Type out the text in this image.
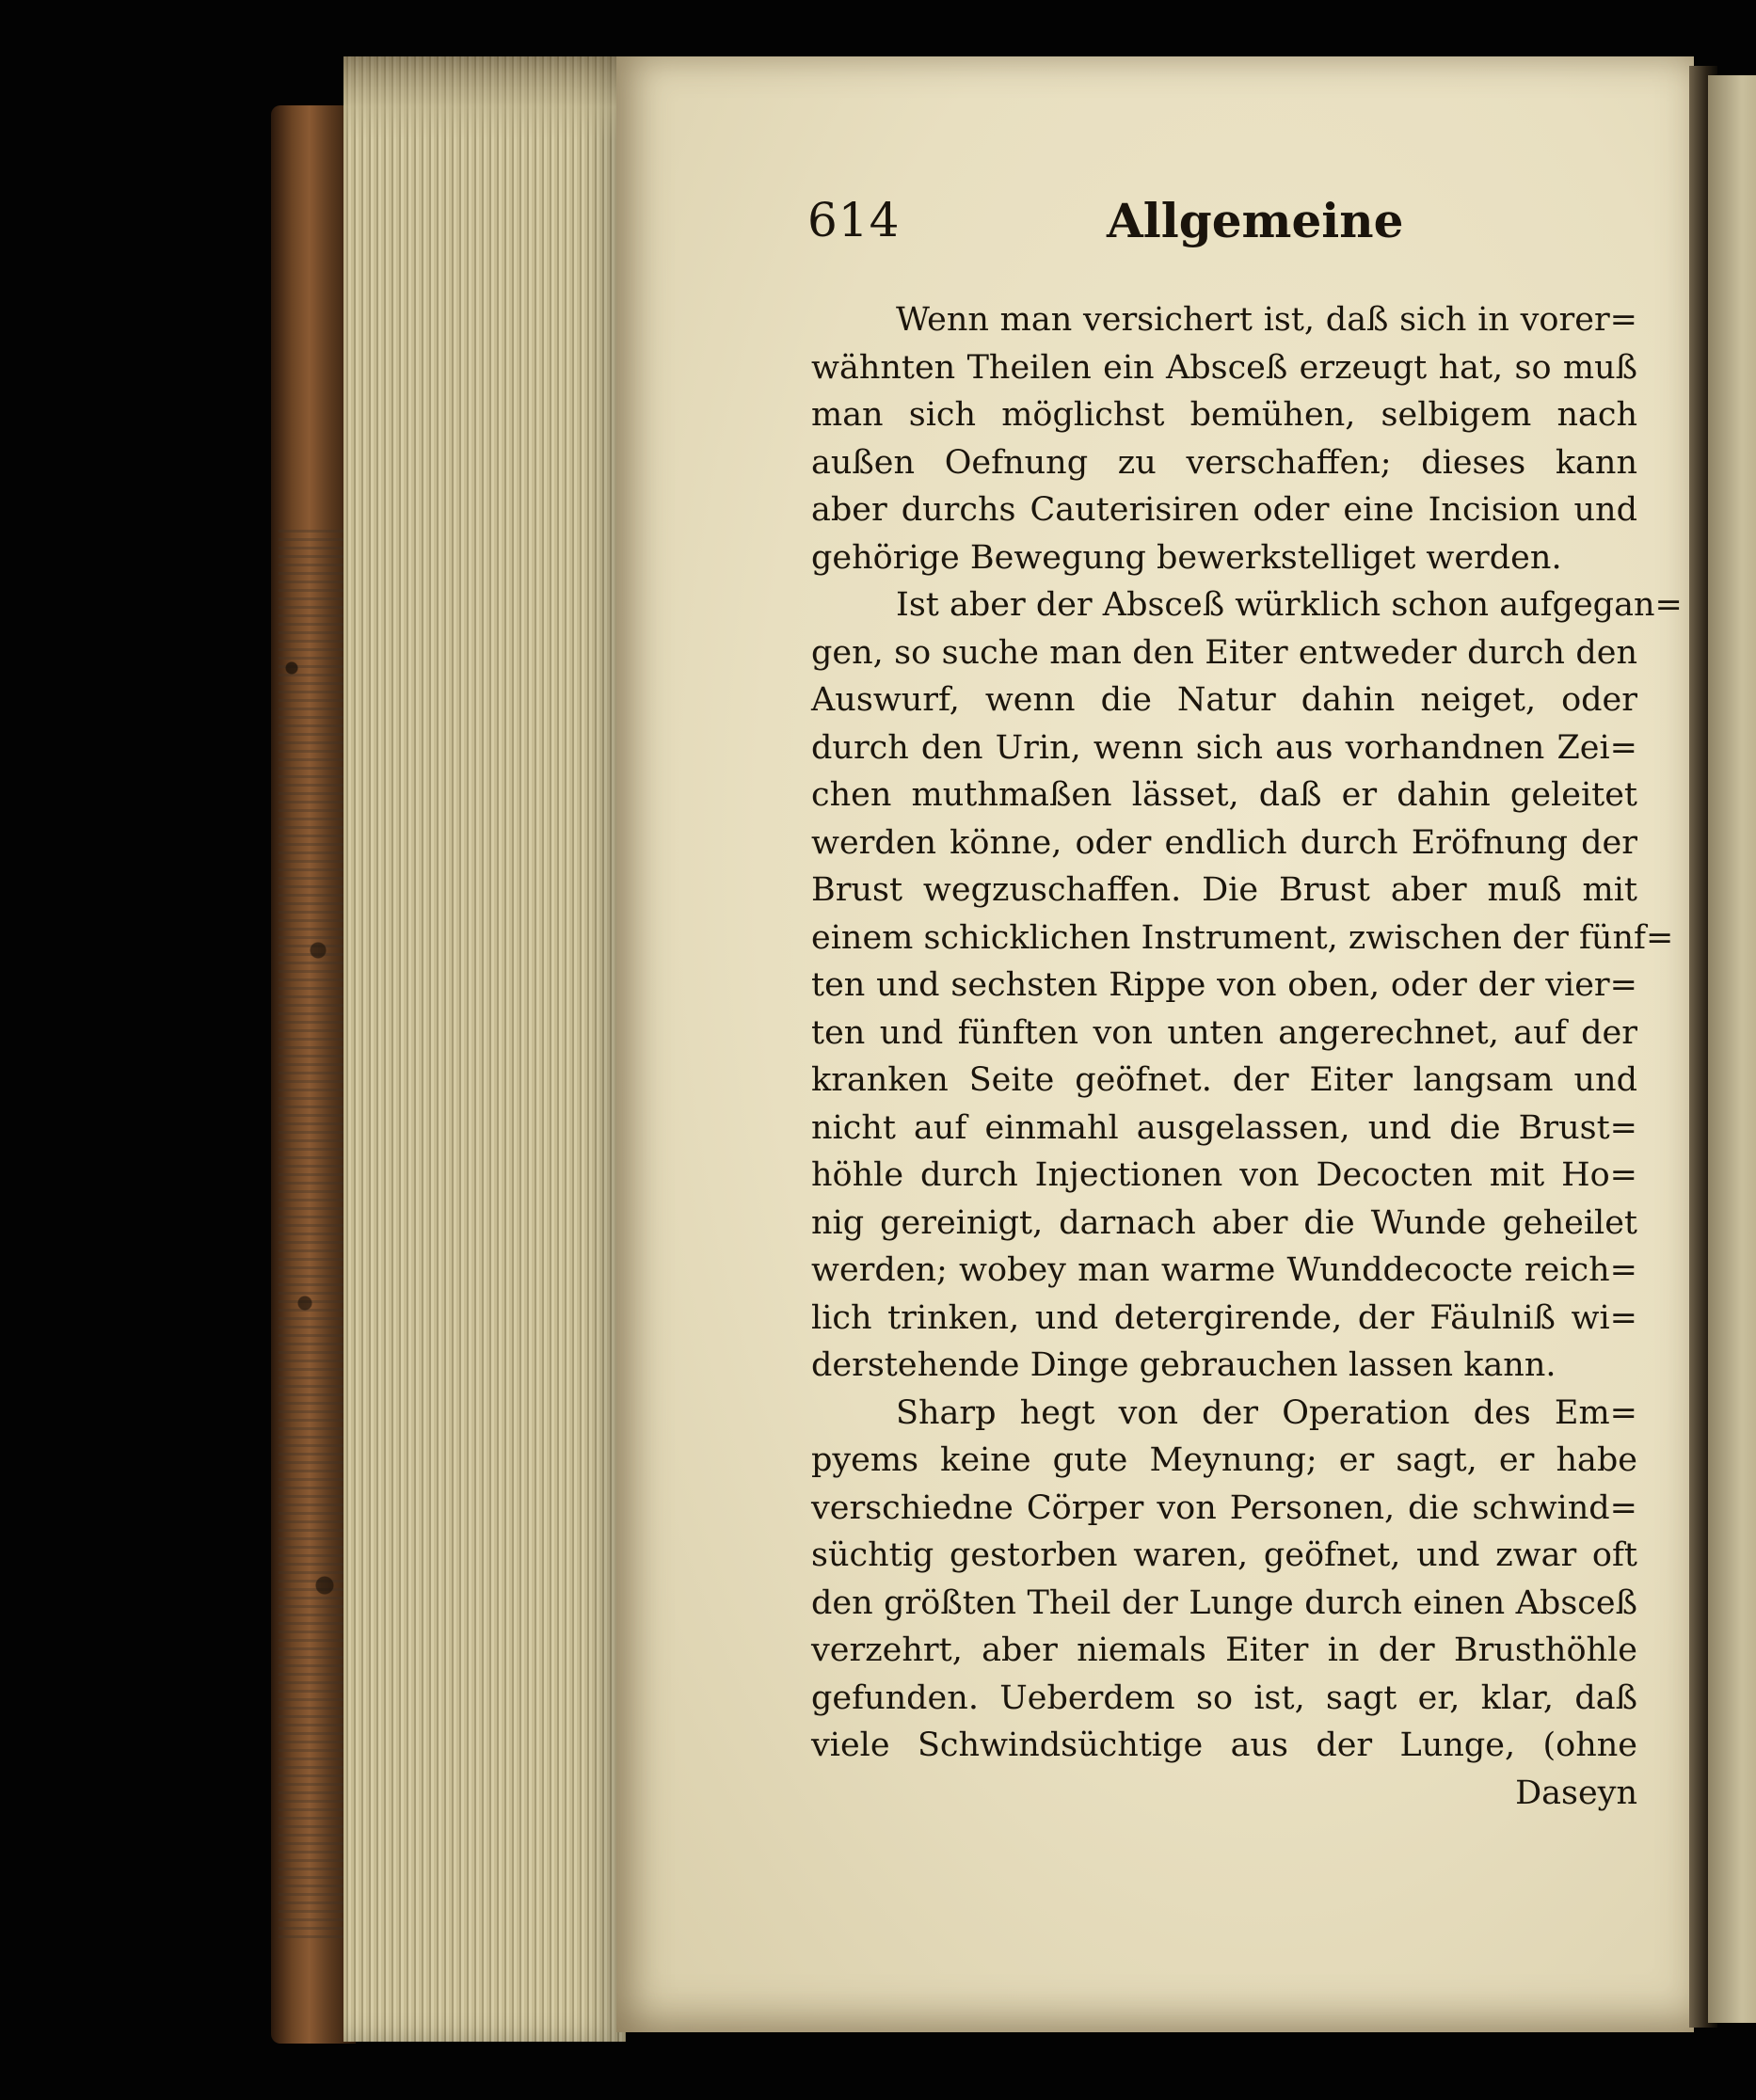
614	Allgemeine
Wenn man versichert ist, daß sich in vorer=
wähnten Theilen ein Absceß erzeugt hat, so muß
man sich möglichst bemühen, selbigem nach
außen Oefnung zu verschaffen; dieses kann
aber durchs Cauterisiren oder eine Incision und
gehörige Bewegung bewerkstelliget werden.
Ist aber der Absceß würklich schon aufgegan=
gen, so suche man den Eiter entweder durch den
Auswurf, wenn die Natur dahin neiget, oder
durch den Urin, wenn sich aus vorhandnen Zei=
chen muthmaßen lässet, daß er dahin geleitet
werden könne, oder endlich durch Eröfnung der
Brust wegzuschaffen. Die Brust aber muß mit
einem schicklichen Instrument, zwischen der fünf=
ten und sechsten Rippe von oben, oder der vier=
ten und fünften von unten angerechnet, auf der
kranken Seite geöfnet. der Eiter langsam und
nicht auf einmahl ausgelassen, und die Brust=
höhle durch Injectionen von Decocten mit Ho=
nig gereinigt, darnach aber die Wunde geheilet
werden; wobey man warme Wunddecocte reich=
lich trinken, und detergirende, der Fäulniß wi=
derstehende Dinge gebrauchen lassen kann.
Sharp hegt von der Operation des Em=
pyems keine gute Meynung; er sagt, er habe
verschiedne Cörper von Personen, die schwind=
süchtig gestorben waren, geöfnet, und zwar oft
den größten Theil der Lunge durch einen Absceß
verzehrt, aber niemals Eiter in der Brusthöhle
gefunden. Ueberdem so ist, sagt er, klar, daß
viele Schwindsüchtige aus der Lunge, (ohne
Daseyn
